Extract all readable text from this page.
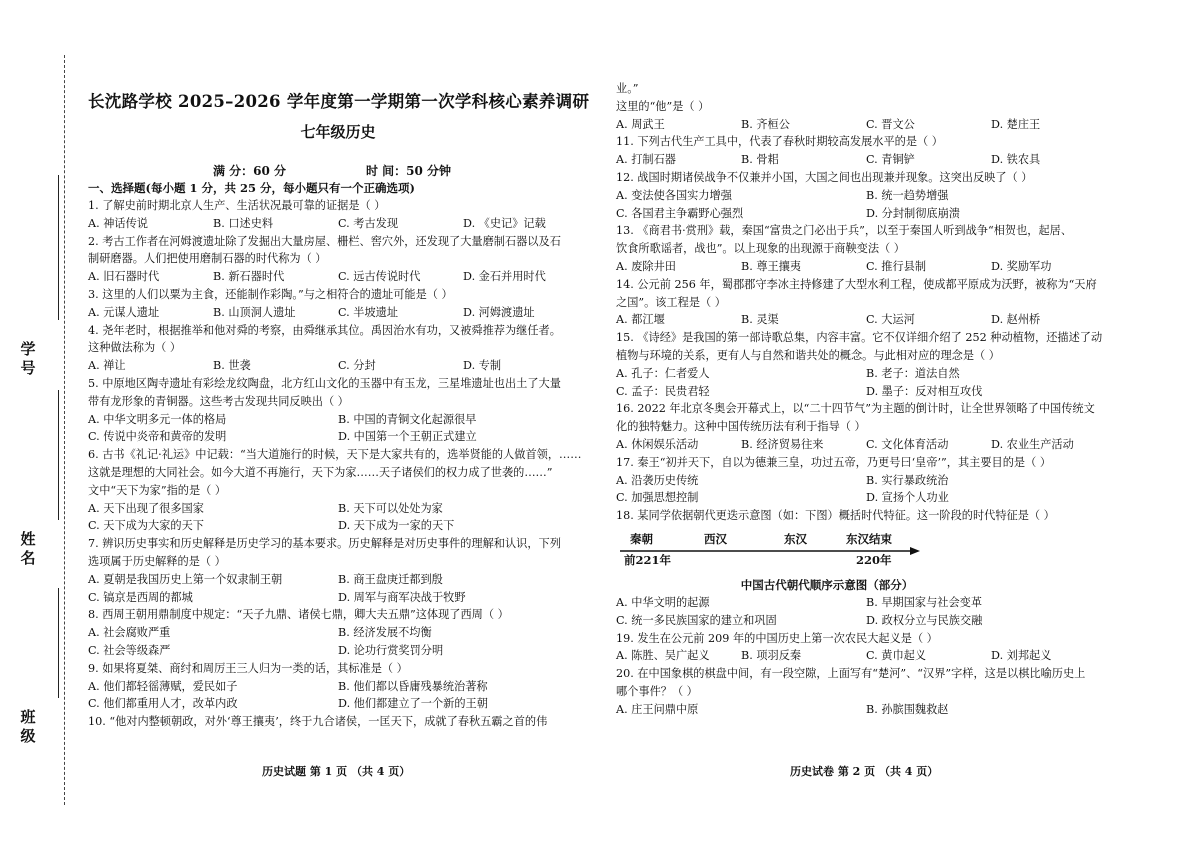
学 号
姓 名
班 级
长沈路学校 2025–2026 学年度第一学期第一次学科核心素养调研
七年级历史
满 分：60 分	时 间：50 分钟
一、选择题(每小题 1 分，共 25 分，每小题只有一个正确选项)
1. 了解史前时期北京人生产、生活状况最可靠的证据是（ ）
A. 神话传说	B. 口述史料	C. 考古发现	D. 《史记》记载
2. 考古工作者在河姆渡遗址除了发掘出大量房屋、栅栏、窖穴外，还发现了大量磨制石器以及石
制研磨器。人们把使用磨制石器的时代称为（ ）
A. 旧石器时代	B. 新石器时代	C. 远古传说时代	D. 金石并用时代
3. 这里的人们以粟为主食，还能制作彩陶。”与之相符合的遗址可能是（ ）
A. 元谋人遗址	B. 山顶洞人遗址	C. 半坡遗址	D. 河姆渡遗址
4. 尧年老时，根据推举和他对舜的考察，由舜继承其位。禹因治水有功，又被舜推荐为继任者。
这种做法称为（ ）
A. 禅让	B. 世袭	C. 分封	D. 专制
5. 中原地区陶寺遗址有彩绘龙纹陶盘，北方红山文化的玉器中有玉龙，三星堆遗址也出土了大量
带有龙形象的青铜器。这些考古发现共同反映出（ ）
A. 中华文明多元一体的格局	B. 中国的青铜文化起源很早
C. 传说中炎帝和黄帝的发明	D. 中国第一个王朝正式建立
6. 古书《礼记·礼运》中记载：“当大道施行的时候，天下是大家共有的，选举贤能的人做首领，……
这就是理想的大同社会。如今大道不再施行，天下为家……天子诸侯们的权力成了世袭的……”
文中“天下为家”指的是（ ）
A. 天下出现了很多国家	B. 天下可以处处为家
C. 天下成为大家的天下	D. 天下成为一家的天下
7. 辨识历史事实和历史解释是历史学习的基本要求。历史解释是对历史事件的理解和认识，下列
选项属于历史解释的是（ ）
A. 夏朝是我国历史上第一个奴隶制王朝	B. 商王盘庚迁都到殷
C. 镐京是西周的都城	D. 周军与商军决战于牧野
8. 西周王朝用鼎制度中规定：“天子九鼎、诸侯七鼎，卿大夫五鼎”这体现了西周（ ）
A. 社会腐败严重	B. 经济发展不均衡
C. 社会等级森严	D. 论功行赏奖罚分明
9. 如果将夏桀、商纣和周厉王三人归为一类的话，其标准是（ ）
A. 他们都轻徭薄赋，爱民如子	B. 他们都以昏庸残暴统治著称
C. 他们都重用人才，改革内政	D. 他们都建立了一个新的王朝
10. “他对内整顿朝政，对外‘尊王攘夷’，终于九合诸侯，一匡天下，成就了春秋五霸之首的伟
历史试题 第 1 页 （共 4 页）
业。”
这里的“他”是（ ）
A. 周武王	B. 齐桓公	C. 晋文公	D. 楚庄王
11. 下列古代生产工具中，代表了春秋时期较高发展水平的是（ ）
A. 打制石器	B. 骨耜	C. 青铜铲	D. 铁农具
12. 战国时期诸侯战争不仅兼并小国，大国之间也出现兼并现象。这突出反映了（ ）
A. 变法使各国实力增强	B. 统一趋势增强
C. 各国君主争霸野心强烈	D. 分封制彻底崩溃
13. 《商君书·赏刑》载，秦国“富贵之门必出于兵”，以至于秦国人听到战争“相贺也，起居、
饮食所歌谣者，战也”。以上现象的出现源于商鞅变法（ ）
A. 废除井田	B. 尊王攘夷	C. 推行县制	D. 奖励军功
14. 公元前 256 年，蜀郡郡守李冰主持修建了大型水利工程，使成都平原成为沃野，被称为“天府
之国”。该工程是（ ）
A. 都江堰	B. 灵渠	C. 大运河	D. 赵州桥
15. 《诗经》是我国的第一部诗歌总集，内容丰富。它不仅详细介绍了 252 种动植物，还描述了动
植物与环境的关系，更有人与自然和谐共处的概念。与此相对应的理念是（ ）
A. 孔子：仁者爱人	B. 老子：道法自然
C. 孟子：民贵君轻	D. 墨子：反对相互攻伐
16. 2022 年北京冬奥会开幕式上，以“二十四节气”为主题的倒计时，让全世界领略了中国传统文
化的独特魅力。这种中国传统历法有利于指导（ ）
A. 休闲娱乐活动	B. 经济贸易往来	C. 文化体育活动	D. 农业生产活动
17. 秦王“初并天下，自以为德兼三皇，功过五帝，乃更号曰‘皇帝’”，其主要目的是（ ）
A. 沿袭历史传统	B. 实行暴政统治
C. 加强思想控制	D. 宣扬个人功业
18. 某同学依据朝代更迭示意图（如：下图）概括时代特征。这一阶段的时代特征是（ ）
秦朝	西汉	东汉	东汉结束
前221年	220年
中国古代朝代顺序示意图（部分）
A. 中华文明的起源	B. 早期国家与社会变革
C. 统一多民族国家的建立和巩固	D. 政权分立与民族交融
19. 发生在公元前 209 年的中国历史上第一次农民大起义是（ ）
A. 陈胜、吴广起义	B. 项羽反秦	C. 黄巾起义	D. 刘邦起义
20. 在中国象棋的棋盘中间，有一段空隙，上面写有“楚河”、“汉界”字样，这是以棋比喻历史上
哪个事件？（ ）
A. 庄王问鼎中原	B. 孙膑围魏救赵
历史试卷 第 2 页 （共 4 页）
